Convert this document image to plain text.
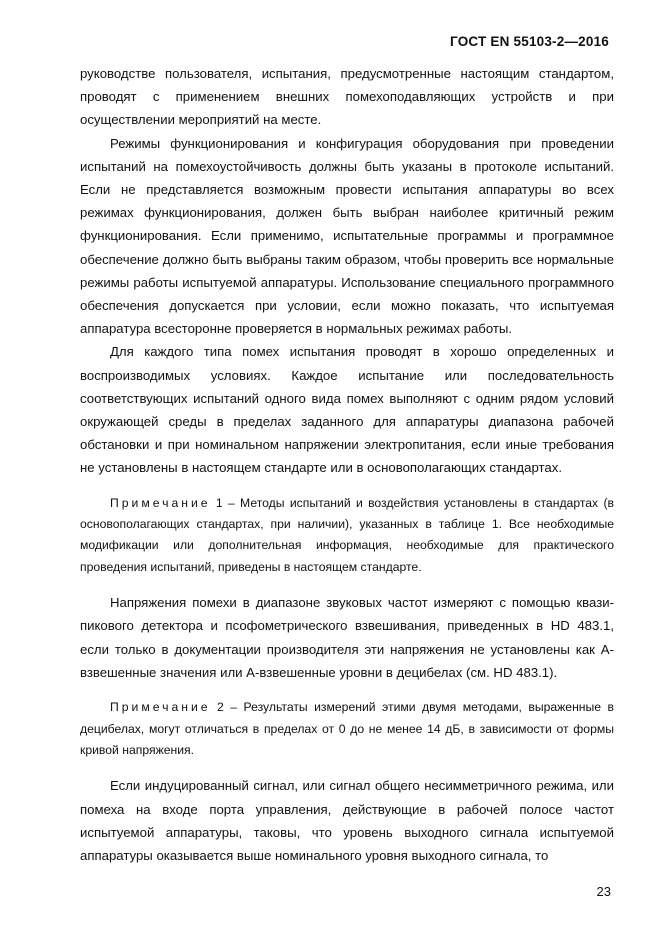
ГОСТ EN 55103-2—2016

руководстве пользователя, испытания, предусмотренные настоящим стандартом, проводят с применением внешних помехоподавляющих устройств и при осуществлении мероприятий на месте.

Режимы функционирования и конфигурация оборудования при проведении испытаний на помехоустойчивость должны быть указаны в протоколе испытаний. Если не представляется возможным провести испытания аппаратуры во всех режимах функционирования, должен быть выбран наиболее критичный режим функционирования. Если применимо, испытательные программы и программное обеспечение должно быть выбраны таким образом, чтобы проверить все нормальные режимы работы испытуемой аппаратуры. Использование специального программного обеспечения допускается при условии, если можно показать, что испытуемая аппаратура всесторонне проверяется в нормальных режимах работы.

Для каждого типа помех испытания проводят в хорошо определенных и воспроизводимых условиях. Каждое испытание или последовательность соответствующих испытаний одного вида помех выполняют с одним рядом условий окружающей среды в пределах заданного для аппаратуры диапазона рабочей обстановки и при номинальном напряжении электропитания, если иные требования не установлены в настоящем стандарте или в основополагающих стандартах.

Примечание 1 – Методы испытаний и воздействия установлены в стандартах (в основополагающих стандартах, при наличии), указанных в таблице 1. Все необходимые модификации или дополнительная информация, необходимые для практического проведения испытаний, приведены в настоящем стандарте.

Напряжения помехи в диапазоне звуковых частот измеряют с помощью квази-пикового детектора и псофометрического взвешивания, приведенных в HD 483.1, если только в документации производителя эти напряжения не установлены как A-взвешенные значения или A-взвешенные уровни в децибелах (см. HD 483.1).

Примечание 2 – Результаты измерений этими двумя методами, выраженные в децибелах, могут отличаться в пределах от 0 до не менее 14 дБ, в зависимости от формы кривой напряжения.

Если индуцированный сигнал, или сигнал общего несимметричного режима, или помеха на входе порта управления, действующие в рабочей полосе частот испытуемой аппаратуры, таковы, что уровень выходного сигнала испытуемой аппаратуры оказывается выше номинального уровня выходного сигнала, то

23
